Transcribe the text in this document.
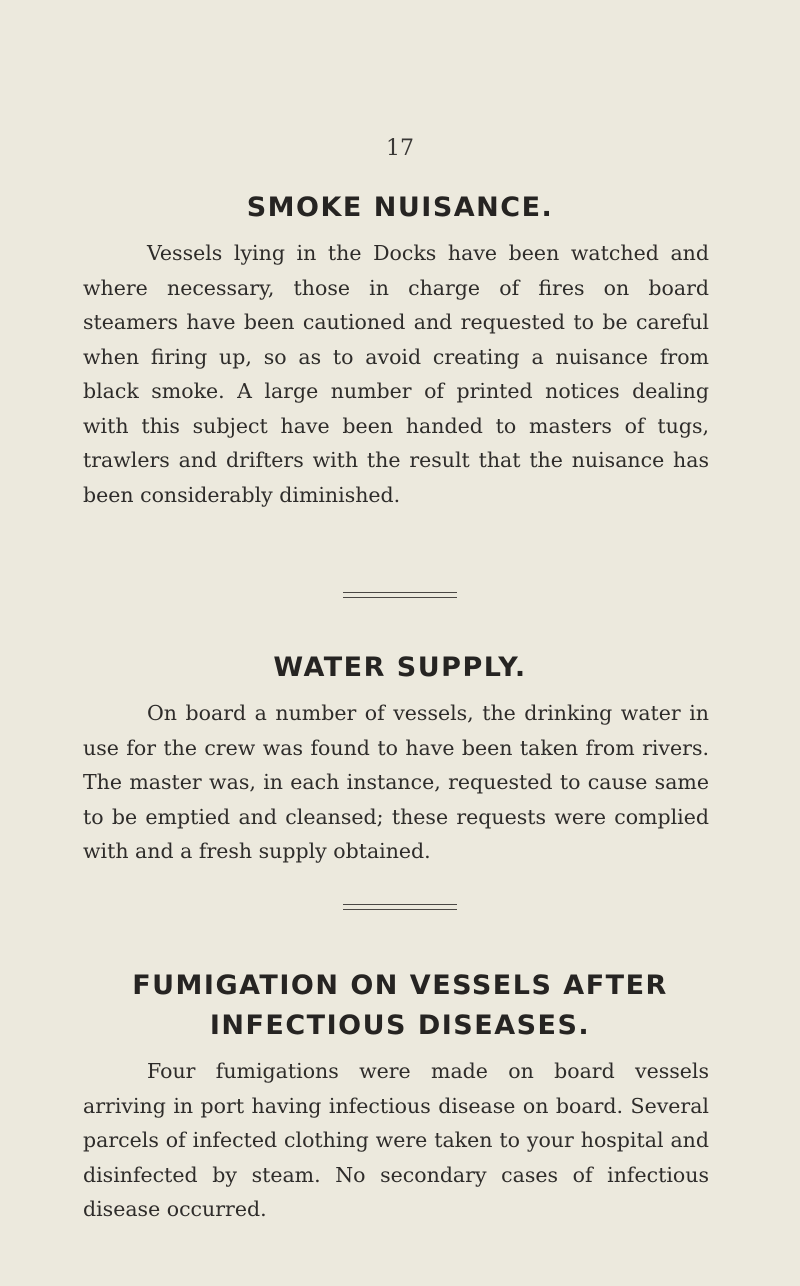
17
SMOKE NUISANCE.

Vessels lying in the Docks have been watched and where necessary, those in charge of fires on board steamers have been cautioned and requested to be careful when firing up, so as to avoid creating a nuisance from black smoke. A large number of printed notices dealing with this subject have been handed to masters of tugs, trawlers and drifters with the result that the nuisance has been considerably diminished.

WATER SUPPLY.

On board a number of vessels, the drinking water in use for the crew was found to have been taken from rivers. The master was, in each instance, requested to cause same to be emptied and cleansed; these requests were complied with and a fresh supply obtained.

FUMIGATION ON VESSELS AFTER
INFECTIOUS DISEASES.

Four fumigations were made on board vessels arriving in port having infectious disease on board. Several parcels of infected clothing were taken to your hospital and disinfected by steam. No secondary cases of infectious disease occurred.
